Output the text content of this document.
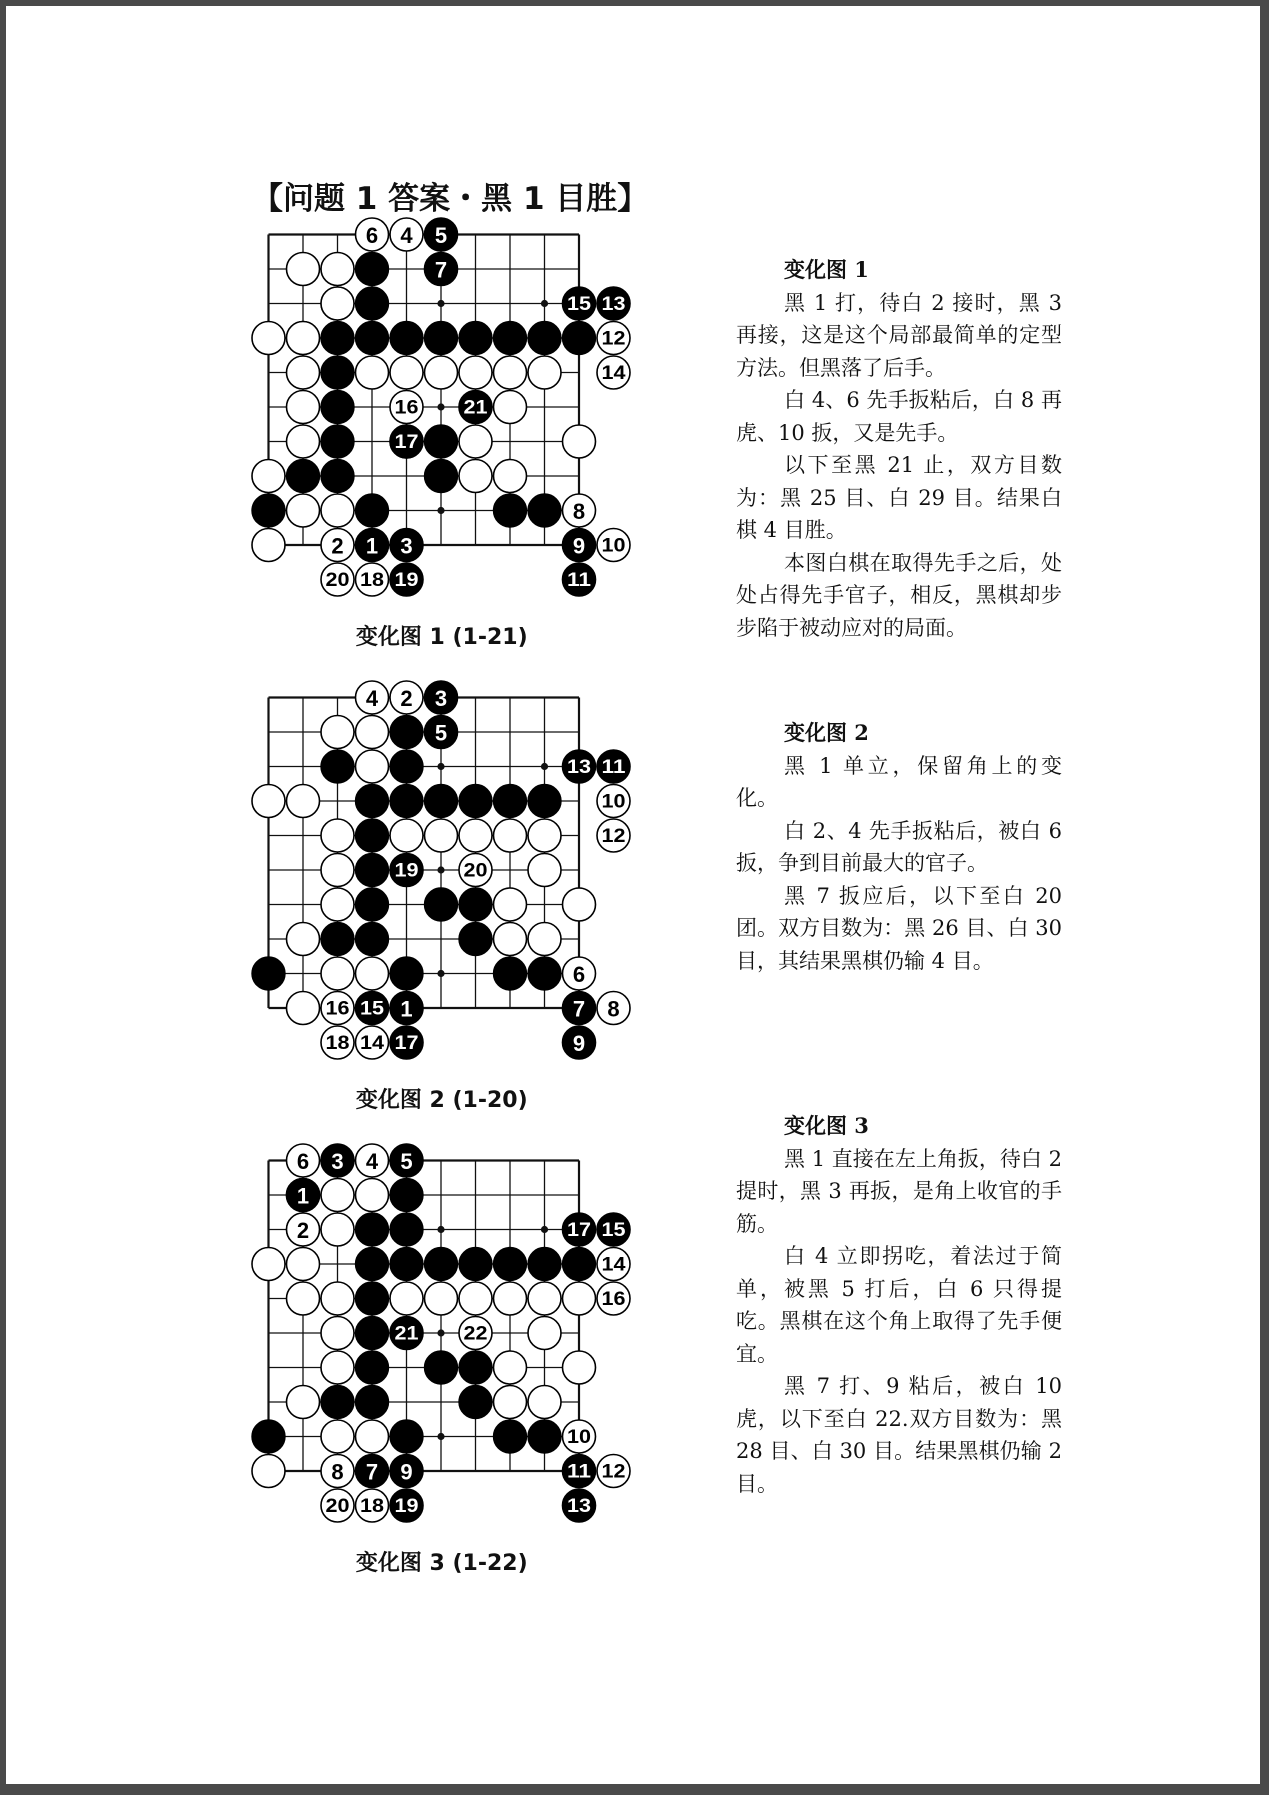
【问题 1 答案・黑 1 目胜】
5
4
6
7
15 13
12
14
16 21
17
8
2 1 3	9 10
20 18 19	11
变化图 1 (1-21)
变化图 1

黑 1 打，待白 2 接时，黑 3 再接，这是这个局部最简单的定型方法。但黑落了后手。

白 4、6 先手扳粘后，白 8 再虎、10 扳，又是先手。

以下至黑 21 止，双方目数为：黑 25 目、白 29 目。结果白棋 4 目胜。

本图白棋在取得先手之后，处处占得先手官子，相反，黑棋却步步陷于被动应对的局面。

4 2 3
5
13 11
10
12
19 20
6
16 15 1	7 8
18 14 17	9
变化图 2 (1-20)
变化图 2

黑 1 单立，保留角上的变化。

白 2、4 先手扳粘后，被白 6 扳，争到目前最大的官子。

黑 7 扳应后，以下至白 20 团。双方目数为：黑 26 目、白 30 目，其结果黑棋仍输 4 目。

6 3 4 5
1
2	17 15
14
16
21 22
10
8 7 9	11 12
20 18 19	13
变化图 3 (1-22)
变化图 3

黑 1 直接在左上角扳，待白 2 提时，黑 3 再扳，是角上收官的手筋。

白 4 立即拐吃，着法过于简单，被黑 5 打后，白 6 只得提吃。黑棋在这个角上取得了先手便宜。

黑 7 打、9 粘后，被白 10 虎，以下至白 22.双方目数为：黑 28 目、白 30 目。结果黑棋仍输 2 目。
